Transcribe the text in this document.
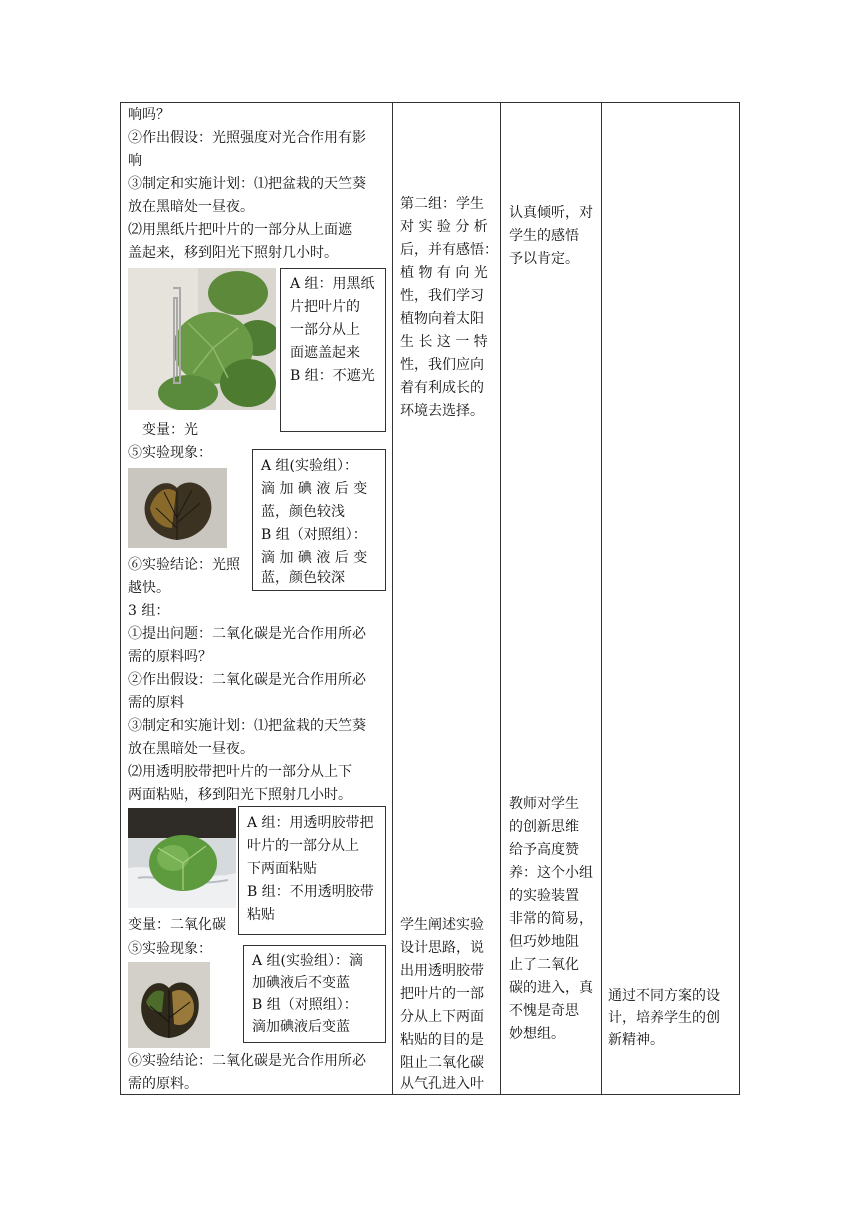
响吗？
②作出假设：光照强度对光合作用有影
响
③制定和实施计划：⑴把盆栽的天竺葵
放在黑暗处一昼夜。
⑵用黑纸片把叶片的一部分从上面遮
盖起来，移到阳光下照射几小时。
A 组：用黑纸
片把叶片的
一部分从上
面遮盖起来
B 组：不遮光
变量：光
⑤实验现象：
A 组(实验组）：
滴 加 碘 液 后 变
蓝，颜色较浅
B 组（对照组）：
滴 加 碘 液 后 变
蓝，颜色较深
⑥实验结论：光照
越快。
3 组：
①提出问题：二氧化碳是光合作用所必
需的原料吗？
②作出假设：二氧化碳是光合作用所必
需的原料
③制定和实施计划：⑴把盆栽的天竺葵
放在黑暗处一昼夜。
⑵用透明胶带把叶片的一部分从上下
两面粘贴，移到阳光下照射几小时。
A 组：用透明胶带把
叶片的一部分从上
下两面粘贴
B 组：不用透明胶带
粘贴
变量：二氧化碳
⑤实验现象：
A 组(实验组）：滴
加碘液后不变蓝
B 组（对照组）：
滴加碘液后变蓝
⑥实验结论：二氧化碳是光合作用所必
需的原料。
第二组：学生
对 实 验 分 析
后，并有感悟：
植 物 有 向 光
性，我们学习
植物向着太阳
生 长 这 一 特
性，我们应向
着有利成长的
环境去选择。
学生阐述实验
设计思路，说
出用透明胶带
把叶片的一部
分从上下两面
粘贴的目的是
阻止二氧化碳
从气孔进入叶
认真倾听，对
学生的感悟
予以肯定。
教师对学生
的创新思维
给予高度赞
养：这个小组
的实验装置
非常的简易，
但巧妙地阻
止了二氧化
碳的进入，真
不愧是奇思
妙想组。
通过不同方案的设
计，培养学生的创
新精神。
